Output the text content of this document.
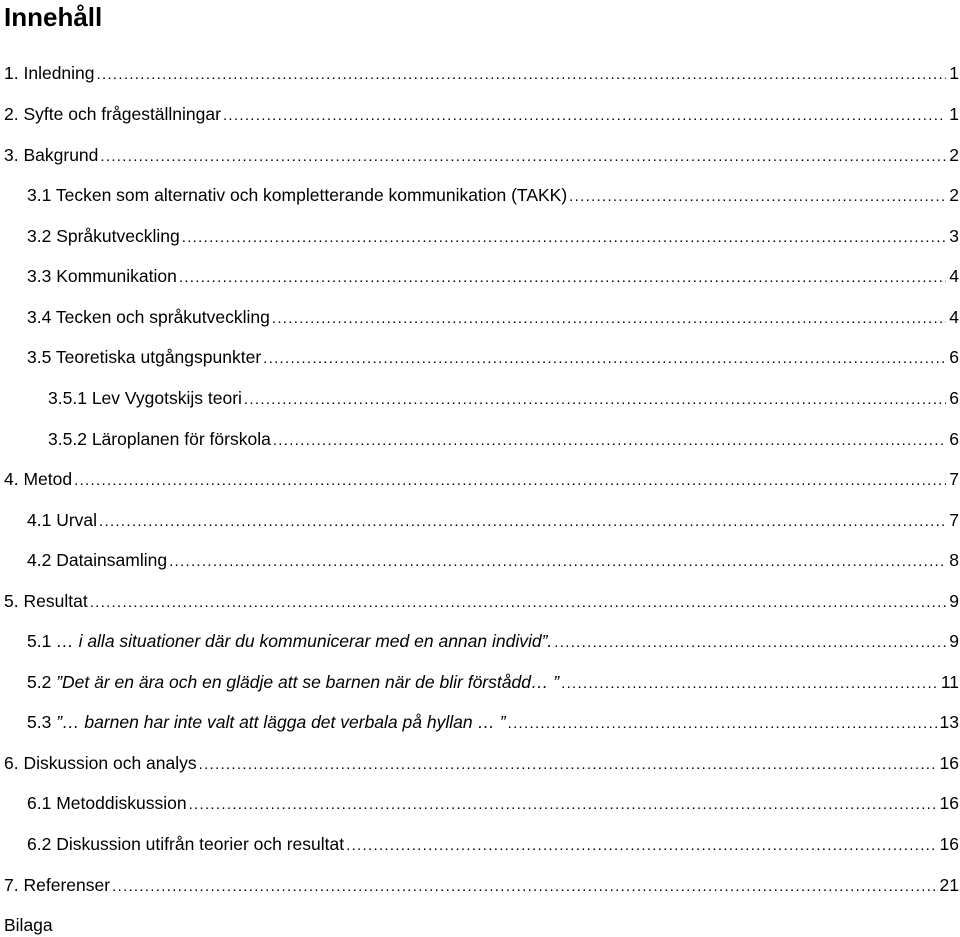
Innehåll
1. Inledning .....	1
2. Syfte och frågeställningar .....	1
3. Bakgrund .....	2
3.1 Tecken som alternativ och kompletterande kommunikation (TAKK) .....	2
3.2 Språkutveckling .....	3
3.3 Kommunikation .....	4
3.4 Tecken och språkutveckling .....	4
3.5 Teoretiska utgångspunkter .....	6
3.5.1 Lev Vygotskijs teori .....	6
3.5.2 Läroplanen för förskola .....	6
4. Metod .....	7
4.1 Urval .....	7
4.2 Datainsamling .....	8
5. Resultat .....	9
5.1 … i alla situationer där du kommunicerar med en annan individ”. .....	9
5.2 ”Det är en ära och en glädje att se barnen när de blir förstådd… ” .....	11
5.3 ”… barnen har inte valt att lägga det verbala på hyllan … ” .....	13
6. Diskussion och analys .....	16
6.1 Metoddiskussion .....	16
6.2 Diskussion utifrån teorier och resultat .....	16
7. Referenser .....	21
Bilaga
